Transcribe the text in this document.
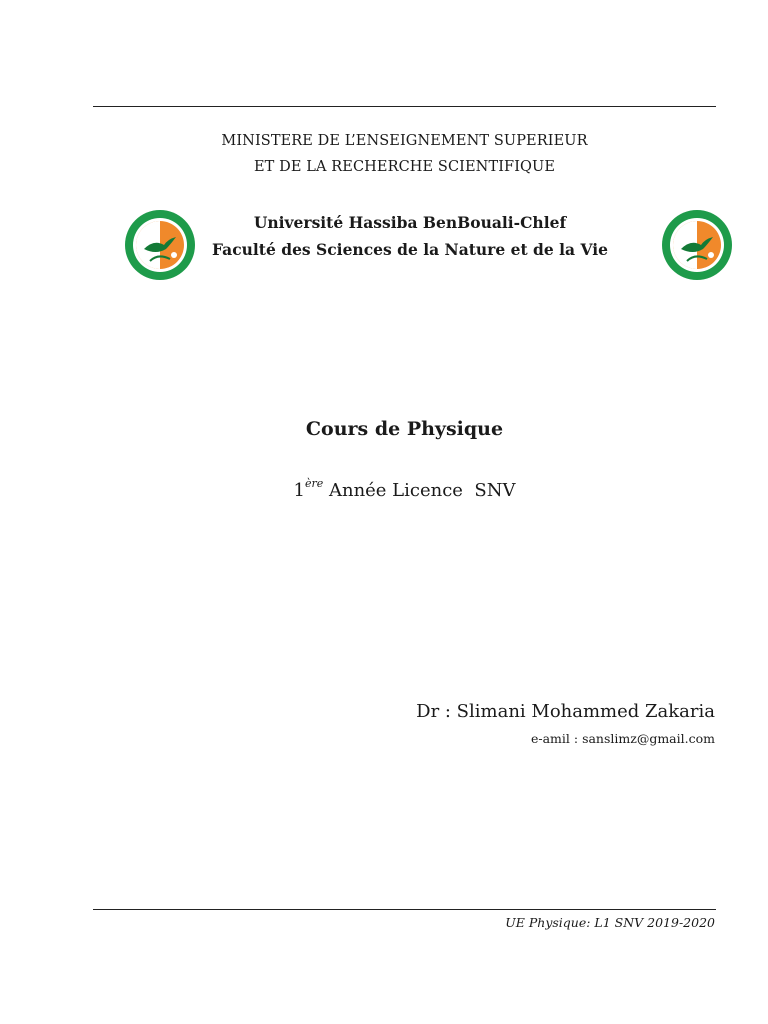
MINISTERE DE L’ENSEIGNEMENT SUPERIEUR
ET DE LA RECHERCHE SCIENTIFIQUE
Université Hassiba BenBouali-Chlef
Faculté des Sciences de la Nature et de la Vie
Cours de Physique
1ère Année Licence  SNV
Dr : Slimani Mohammed Zakaria
e-amil : sanslimz@gmail.com
UE Physique: L1 SNV 2019-2020
